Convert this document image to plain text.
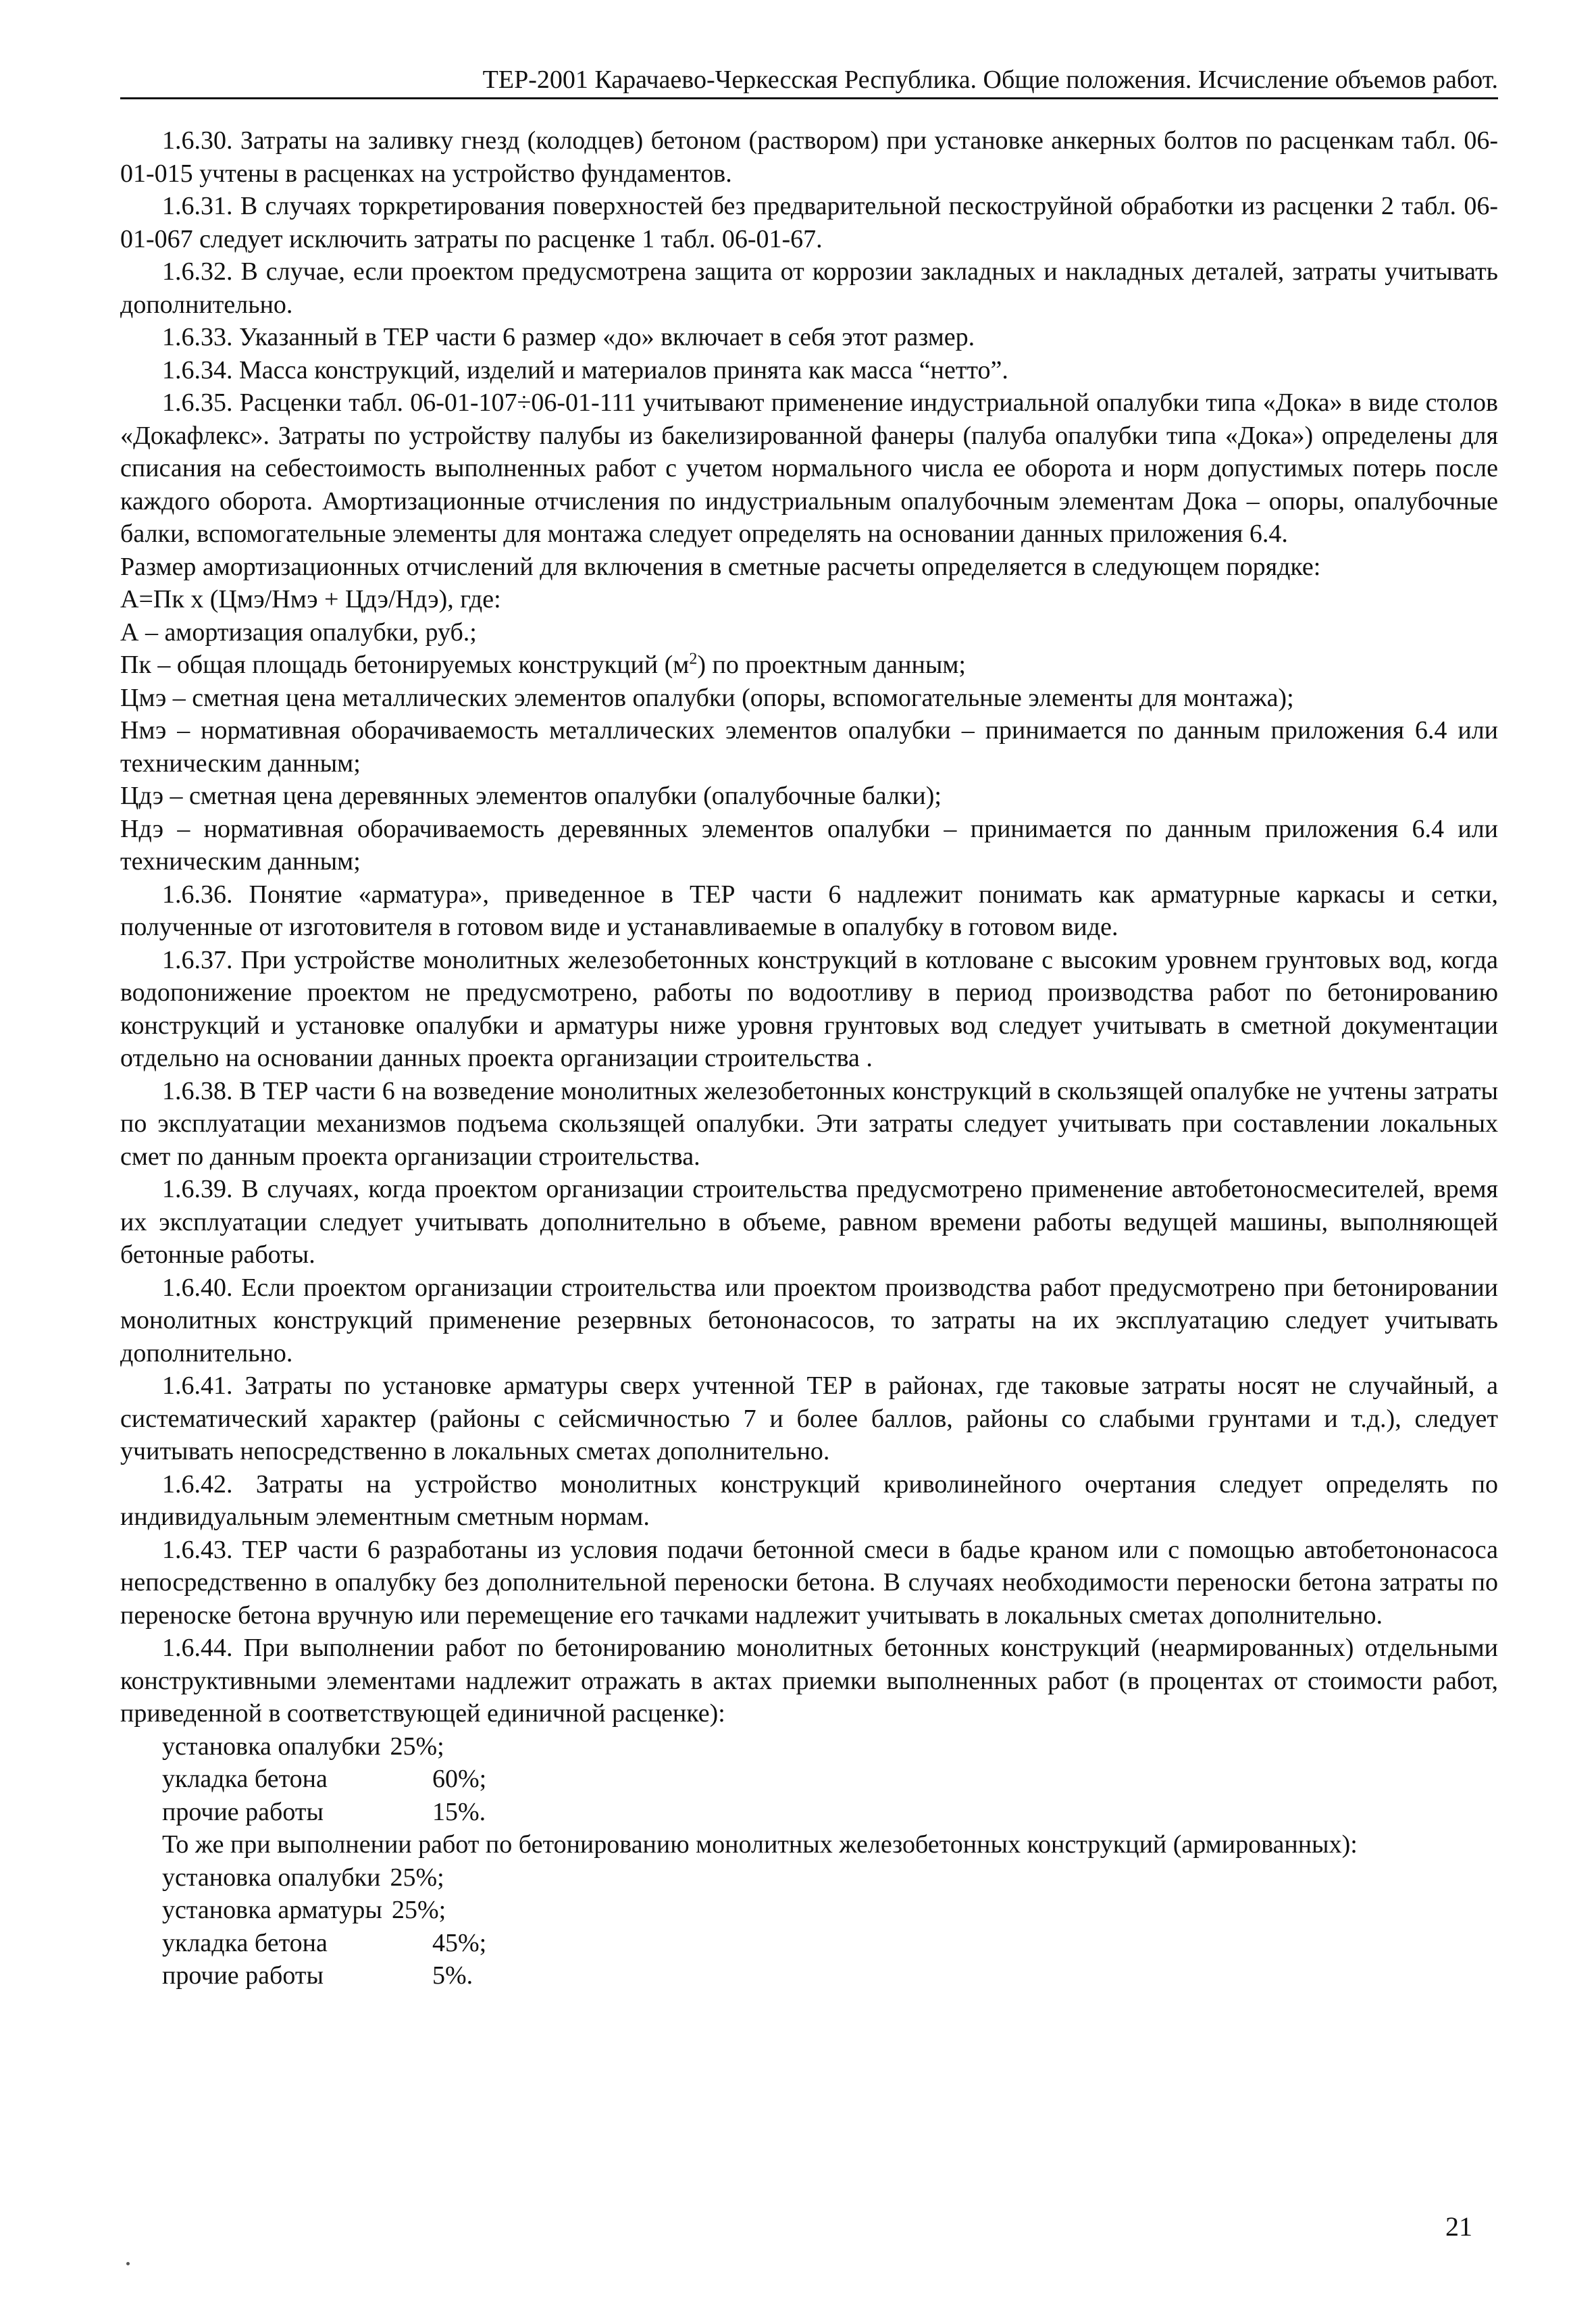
ТЕР-2001 Карачаево-Черкесская Республика. Общие положения. Исчисление объемов работ.

1.6.30. Затраты на заливку гнезд (колодцев) бетоном (раствором) при установке анкерных болтов по расценкам табл. 06-01-015 учтены в расценках на устройство фундаментов.

1.6.31. В случаях торкретирования поверхностей без предварительной пескоструйной обработки из расценки 2 табл. 06-01-067 следует исключить затраты по расценке 1 табл. 06-01-67.

1.6.32. В случае, если проектом предусмотрена защита от коррозии закладных и накладных деталей, затраты учитывать дополнительно.

1.6.33. Указанный в ТЕР части 6 размер «до» включает в себя этот размер.

1.6.34. Масса конструкций, изделий и материалов принята как масса “нетто”.

1.6.35. Расценки табл. 06-01-107÷06-01-111 учитывают применение индустриальной опалубки типа «Дока» в виде столов «Докафлекс». Затраты по устройству палубы из бакелизированной фанеры (палуба опалубки типа «Дока») определены для списания на себестоимость выполненных работ с учетом нормального числа ее оборота и норм допустимых потерь после каждого оборота. Амортизационные отчисления по индустриальным опалубочным элементам Дока – опоры, опалубочные балки, вспомогательные элементы для монтажа следует определять на основании данных приложения 6.4.

Размер амортизационных отчислений для включения в сметные расчеты определяется в следующем порядке:

А=Пк х (Цмэ/Нмэ + Цдэ/Ндэ), где:

А – амортизация опалубки, руб.;

Пк – общая площадь бетонируемых конструкций $(м^2)$ по проектным данным;

Цмэ – сметная цена металлических элементов опалубки (опоры, вспомогательные элементы для монтажа);

Нмэ – нормативная оборачиваемость металлических элементов опалубки – принимается по данным приложения 6.4 или техническим данным;

Цдэ – сметная цена деревянных элементов опалубки (опалубочные балки);

Ндэ – нормативная оборачиваемость деревянных элементов опалубки – принимается по данным приложения 6.4 или техническим данным;

1.6.36. Понятие «арматура», приведенное в ТЕР части 6 надлежит понимать как арматурные каркасы и сетки, полученные от изготовителя в готовом виде и устанавливаемые в опалубку в готовом виде.

1.6.37. При устройстве монолитных железобетонных конструкций в котловане с высоким уровнем грунтовых вод, когда водопонижение проектом не предусмотрено, работы по водоотливу в период производства работ по бетонированию конструкций и установке опалубки и арматуры ниже уровня грунтовых вод следует учитывать в сметной документации отдельно на основании данных проекта организации строительства .

1.6.38. В ТЕР части 6 на возведение монолитных железобетонных конструкций в скользящей опалубке не учтены затраты по эксплуатации механизмов подъема скользящей опалубки. Эти затраты следует учитывать при составлении локальных смет по данным проекта организации строительства.

1.6.39. В случаях, когда проектом организации строительства предусмотрено применение автобетоносмесителей, время их эксплуатации следует учитывать дополнительно в объеме, равном времени работы ведущей машины, выполняющей бетонные работы.

1.6.40. Если проектом организации строительства или проектом производства работ предусмотрено при бетонировании монолитных конструкций применение резервных бетононасосов, то затраты на их эксплуатацию следует учитывать дополнительно.

1.6.41. Затраты по установке арматуры сверх учтенной ТЕР в районах, где таковые затраты носят не случайный, а систематический характер (районы с сейсмичностью 7 и более баллов, районы со слабыми грунтами и т.д.), следует учитывать непосредственно в локальных сметах дополнительно.

1.6.42. Затраты на устройство монолитных конструкций криволинейного очертания следует определять по индивидуальным элементным сметным нормам.

1.6.43. ТЕР части 6 разработаны из условия подачи бетонной смеси в бадье краном или с помощью автобетононасоса непосредственно в опалубку без дополнительной переноски бетона. В случаях необходимости переноски бетона затраты по переноске бетона вручную или перемещение его тачками надлежит учитывать в локальных сметах дополнительно.

1.6.44. При выполнении работ по бетонированию монолитных бетонных конструкций (неармированных) отдельными конструктивными элементами надлежит отражать в актах приемки выполненных работ (в процентах от стоимости работ, приведенной в соответствующей единичной расценке):

установка опалубки 25%;
укладка бетона	60%;
прочие работы	15%.

То же при выполнении работ по бетонированию монолитных железобетонных конструкций (армированных):

установка опалубки 25%;
установка арматуры 25%;
укладка бетона	45%;
прочие работы	5%.
21
